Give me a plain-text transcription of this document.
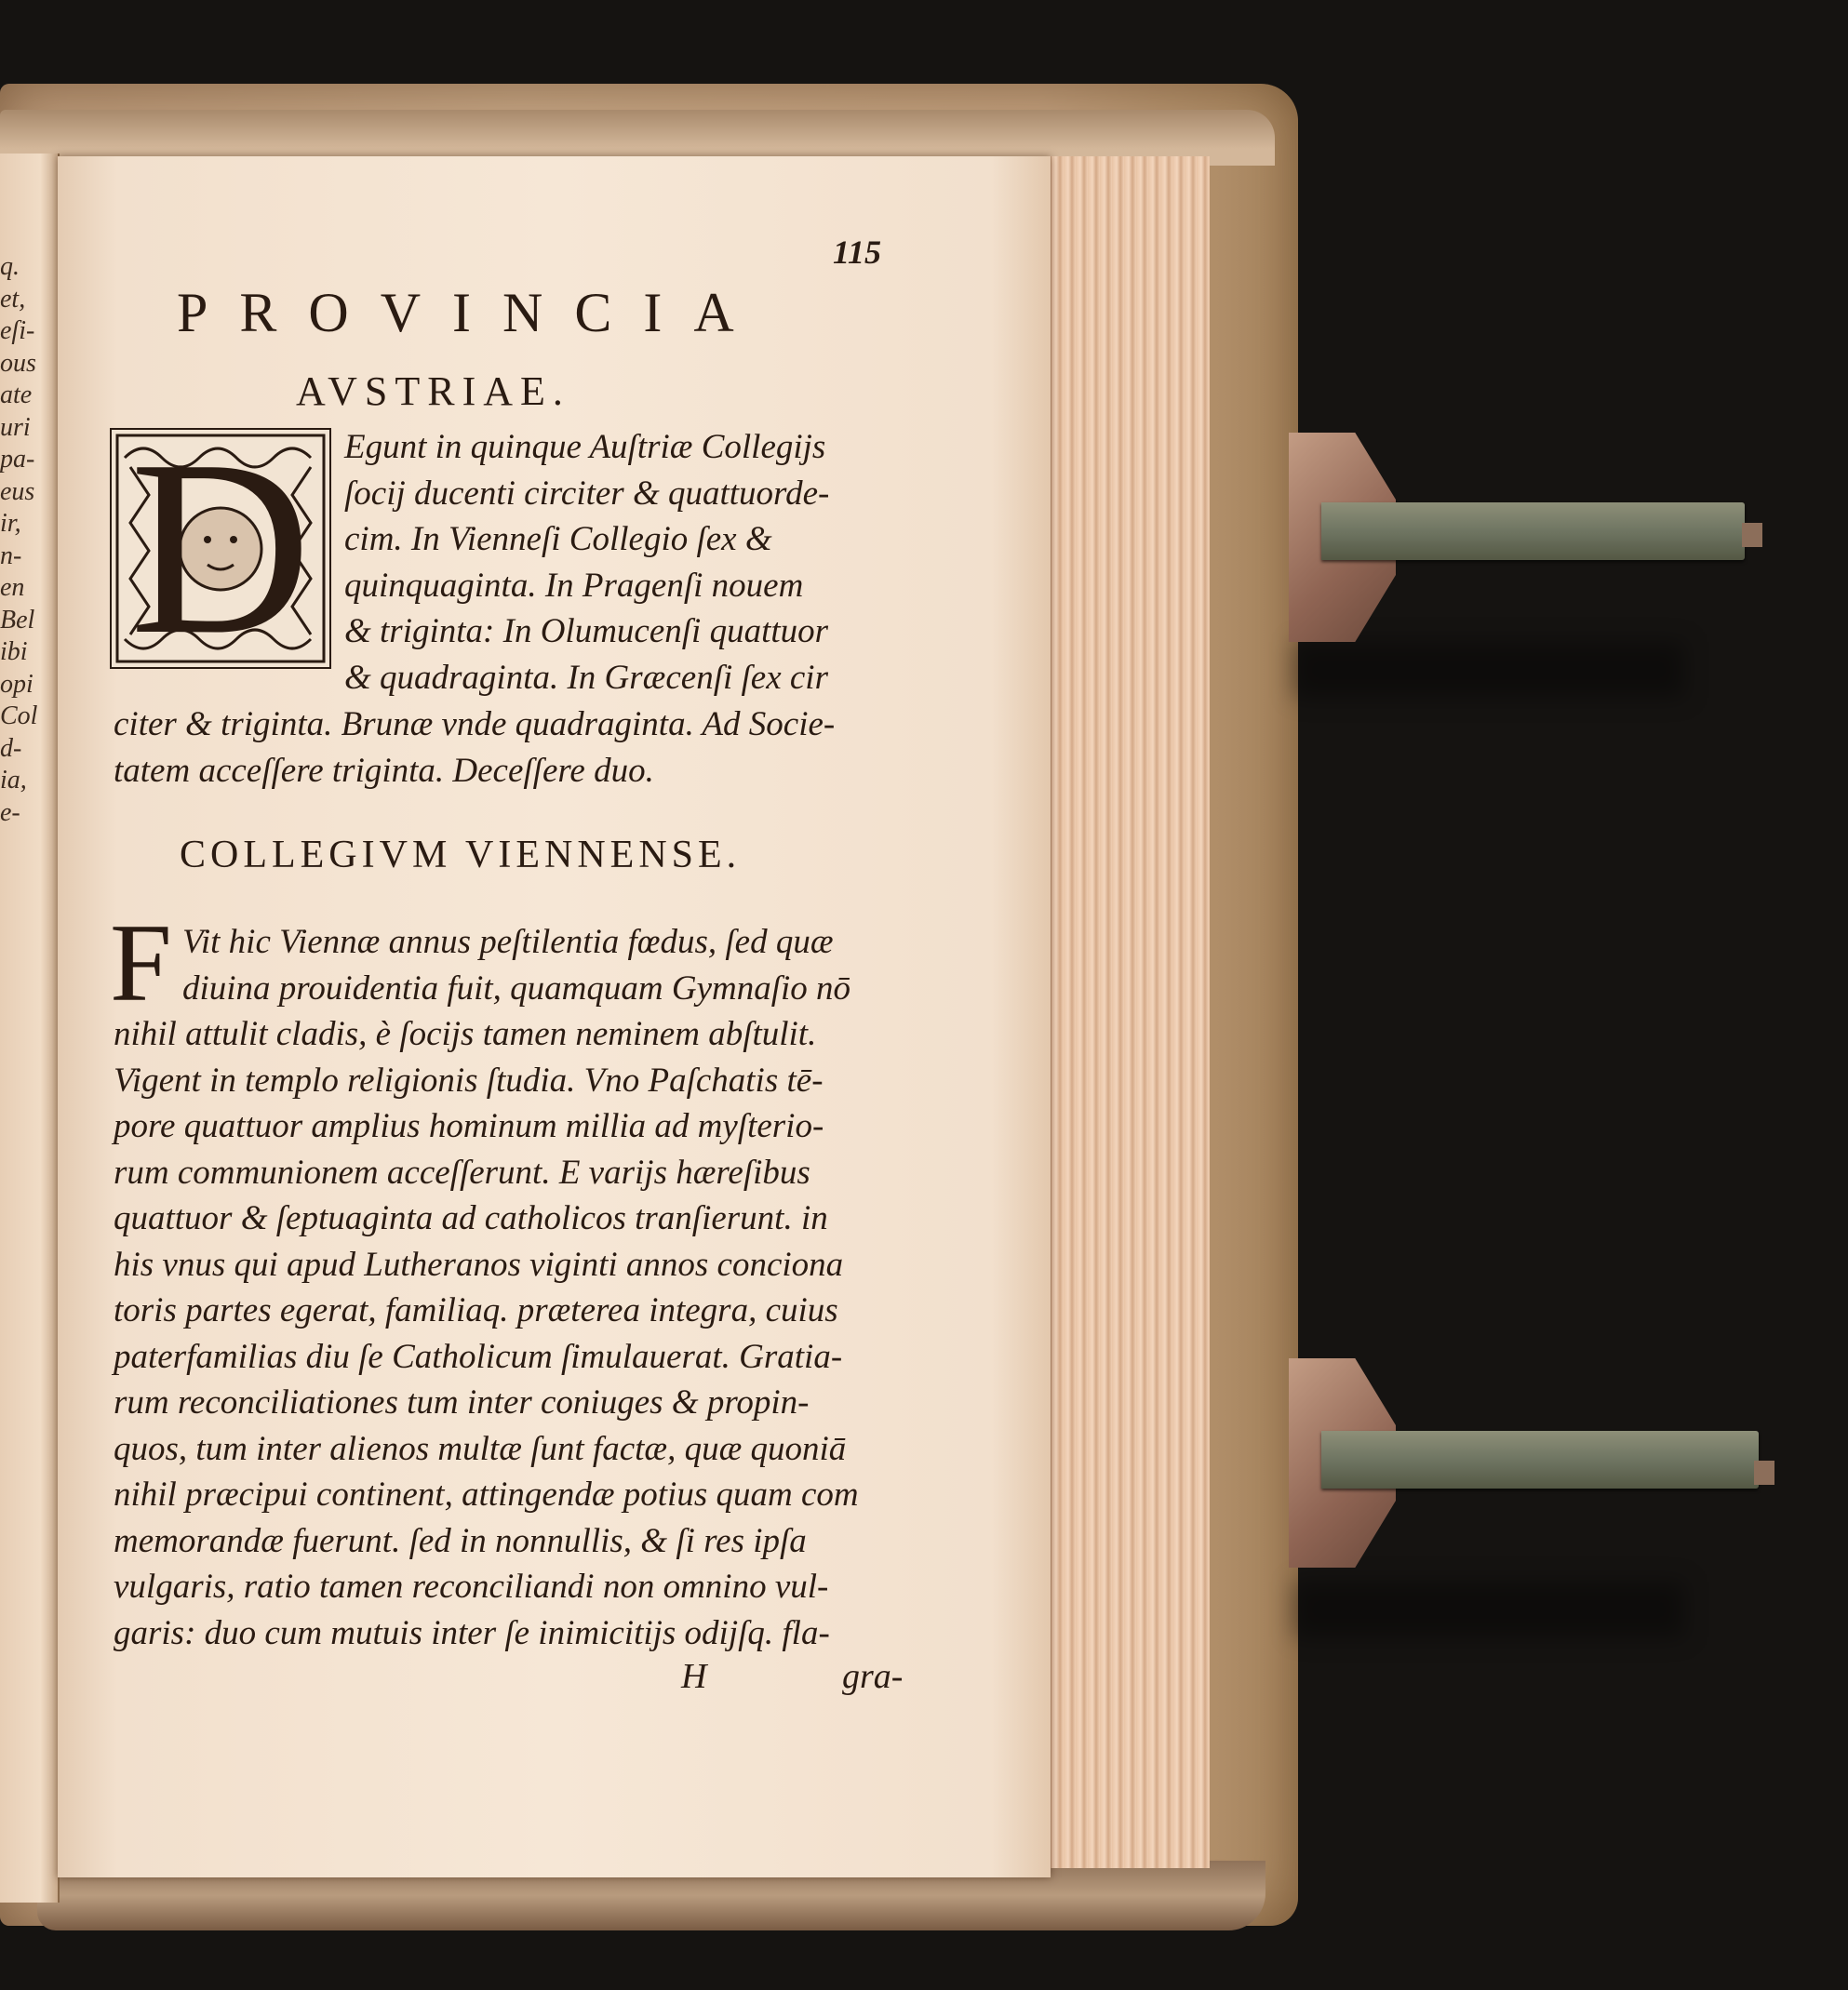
q.
et,
eſi-
ous
ate
uri
pa-
eus
ir,
n-
en
Bel
ibi
opi
Col
d-
ia,
e-
115
PROVINCIA
AVSTRIAE.
D Egunt in quinque Auſtriæ Collegijs
ſocij ducenti circiter & quattuorde-
cim. In Vienneſi Collegio ſex &
quinquaginta. In Pragenſi nouem
& triginta: In Olumucenſi quattuor
& quadraginta. In Græcenſi ſex cir
citer & triginta. Brunæ vnde quadraginta. Ad Socie-
tatem acceſſere triginta. Deceſſere duo.
COLLEGIVM VIENNENSE.
F Vit hic Viennæ annus peſtilentia fœdus, ſed quæ
diuina prouidentia fuit, quamquam Gymnaſio nō
nihil attulit cladis, è ſocijs tamen neminem abſtulit.
Vigent in templo religionis ſtudia. Vno Paſchatis tē-
pore quattuor amplius hominum millia ad myſterio-
rum communionem acceſſerunt. E varijs hæreſibus
quattuor & ſeptuaginta ad catholicos tranſierunt. in
his vnus qui apud Lutheranos viginti annos conciona
toris partes egerat, familiaq. præterea integra, cuius
paterfamilias diu ſe Catholicum ſimulauerat. Gratia-
rum reconciliationes tum inter coniuges & propin-
quos, tum inter alienos multæ ſunt factæ, quæ quoniā
nihil præcipui continent, attingendæ potius quam com
memorandæ fuerunt. ſed in nonnullis, & ſi res ipſa
vulgaris, ratio tamen reconciliandi non omnino vul-
garis: duo cum mutuis inter ſe inimicitijs odijſq. fla-
H	gra-
